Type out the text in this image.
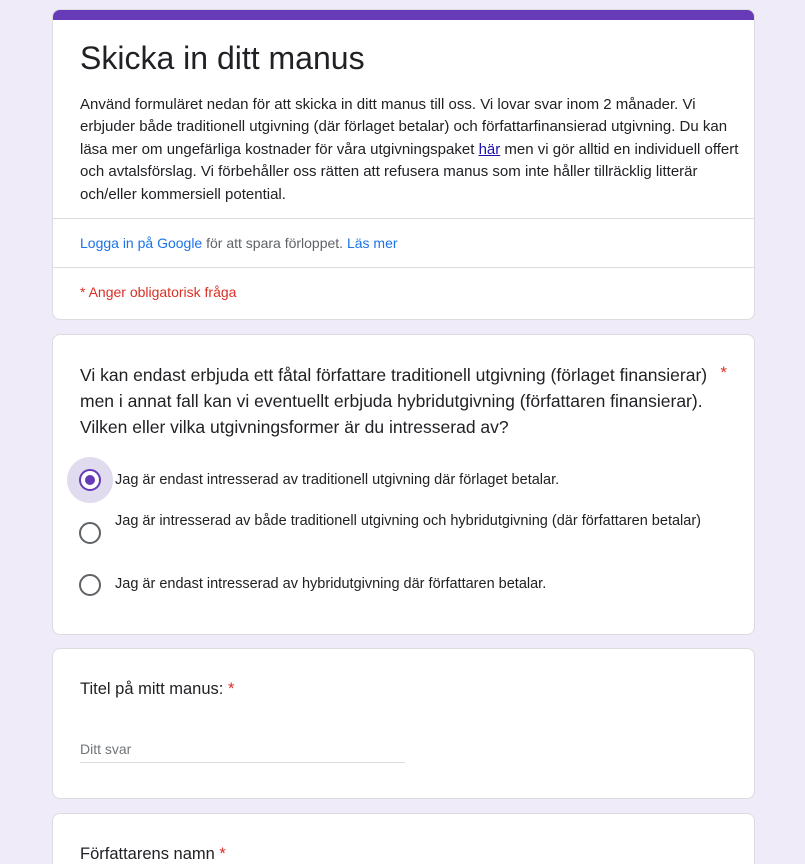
Skicka in ditt manus
Använd formuläret nedan för att skicka in ditt manus till oss. Vi lovar svar inom 2 månader. Vi erbjuder både traditionell utgivning (där förlaget betalar) och författarfinansierad utgivning. Du kan läsa mer om ungefärliga kostnader för våra utgivningspaket här men vi gör alltid en individuell offert och avtalsförslag. Vi förbehåller oss rätten att refusera manus som inte håller tillräcklig litterär och/eller kommersiell potential.
Logga in på Google för att spara förloppet. Läs mer
* Anger obligatorisk fråga
Vi kan endast erbjuda ett fåtal författare traditionell utgivning (förlaget finansierar) men i annat fall kan vi eventuellt erbjuda hybridutgivning (författaren finansierar). Vilken eller vilka utgivningsformer är du intresserad av?
*
Jag är endast intresserad av traditionell utgivning där förlaget betalar.
Jag är intresserad av både traditionell utgivning och hybridutgivning (där författaren betalar)
Jag är endast intresserad av hybridutgivning där författaren betalar.
Titel på mitt manus: *
Ditt svar
Författarens namn *
